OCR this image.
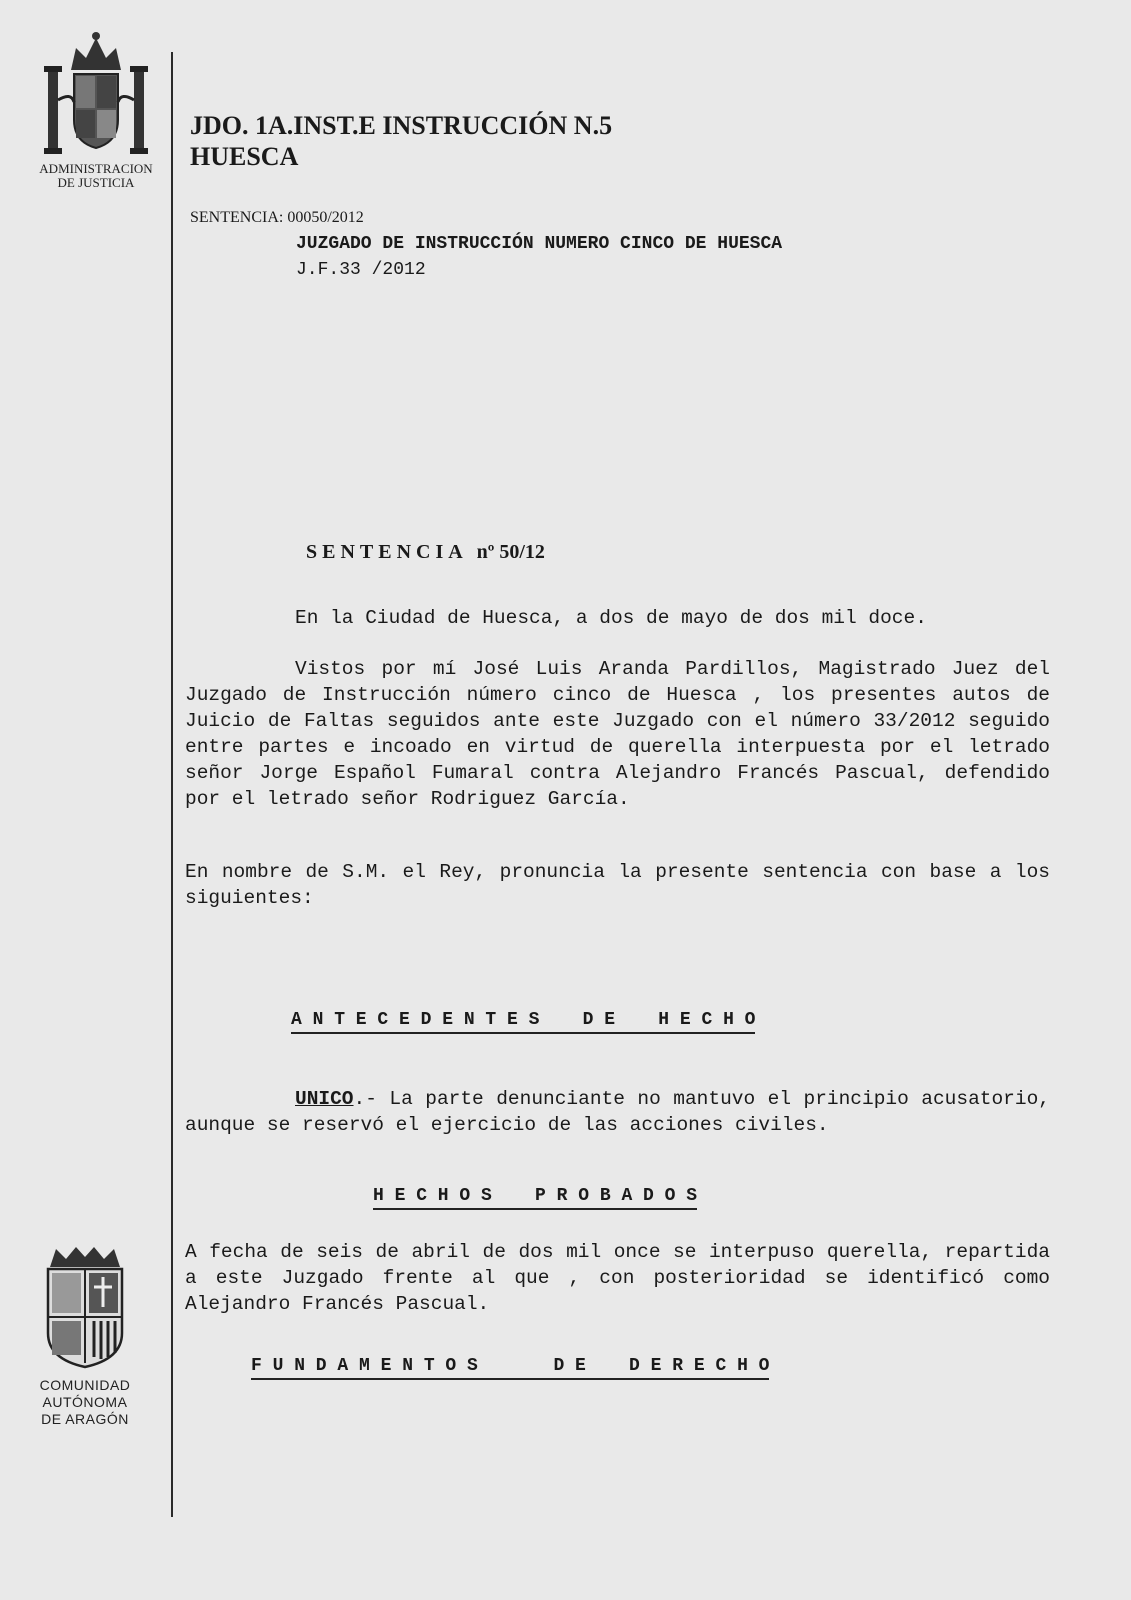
ADMINISTRACION
DE JUSTICIA
JDO. 1A.INST.E INSTRUCCIÓN N.5
HUESCA
SENTENCIA: 00050/2012
JUZGADO DE INSTRUCCIÓN NUMERO CINCO DE HUESCA
J.F.33 /2012
SENTENCIA nº 50/12
En la Ciudad de Huesca, a dos de mayo de dos mil doce.
Vistos por mí José Luis Aranda Pardillos, Magistrado Juez del Juzgado de Instrucción número cinco de Huesca , los presentes autos de Juicio de Faltas seguidos ante este Juzgado con el número 33/2012 seguido entre partes e incoado en virtud de querella interpuesta por el letrado señor Jorge Español Fumaral contra Alejandro Francés Pascual, defendido por el letrado señor Rodriguez García.
En nombre de S.M. el Rey, pronuncia la presente sentencia con base a los siguientes:
A N T E C E D E N T E S    D E    H E C H O
UNICO.- La parte denunciante no mantuvo el principio acusatorio, aunque se reservó el ejercicio de las acciones civiles.
H E C H O S    P R O B A D O S
A fecha de seis de abril de dos mil once se interpuso querella, repartida a este Juzgado frente al que , con posterioridad se identificó como Alejandro Francés Pascual.
F U N D A M E N T O S       D E    D E R E C H O
COMUNIDAD
AUTÓNOMA
DE ARAGÓN
